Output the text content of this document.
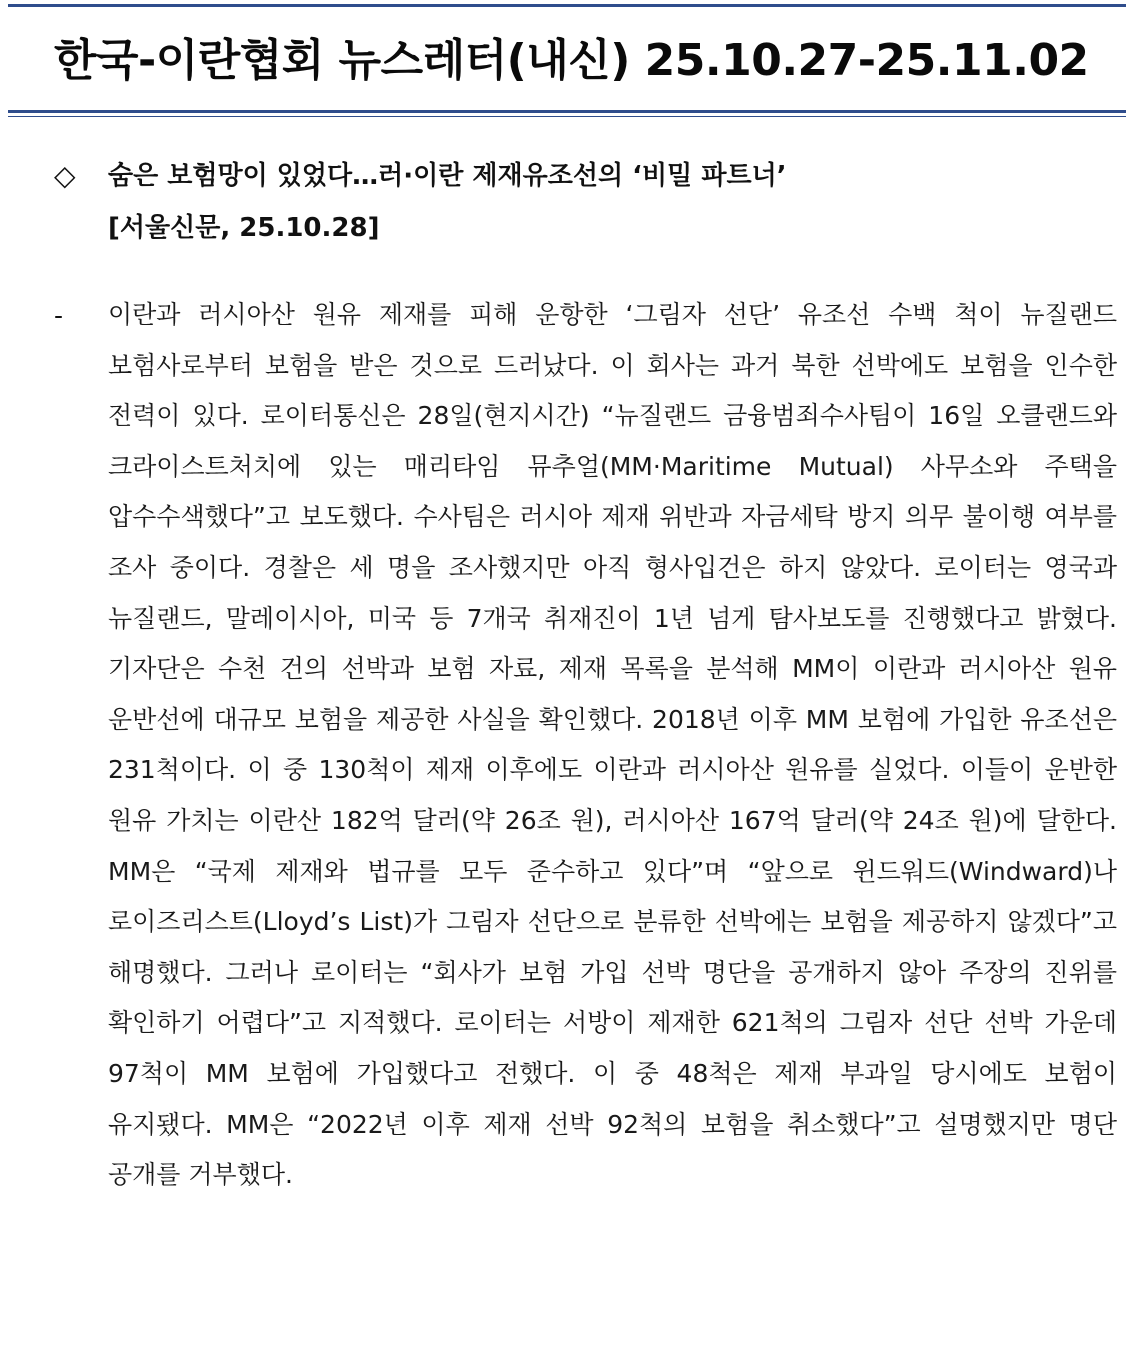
한국-이란협회 뉴스레터(내신) 25.10.27-25.11.02
◇ 숨은 보험망이 있었다…러·이란 제재유조선의 ‘비밀 파트너’
[서울신문, 25.10.28]
- 이란과 러시아산 원유 제재를 피해 운항한 ‘그림자 선단’ 유조선 수백 척이 뉴질랜드 보험사로부터 보험을 받은 것으로 드러났다. 이 회사는 과거 북한 선박에도 보험을 인수한 전력이 있다. 로이터통신은 28일(현지시간) “뉴질랜드 금융범죄수사팀이 16일 오클랜드와 크라이스트처치에 있는 매리타임 뮤추얼(MM·Maritime Mutual) 사무소와 주택을 압수수색했다”고 보도했다. 수사팀은 러시아 제재 위반과 자금세탁 방지 의무 불이행 여부를 조사 중이다. 경찰은 세 명을 조사했지만 아직 형사입건은 하지 않았다. 로이터는 영국과 뉴질랜드, 말레이시아, 미국 등 7개국 취재진이 1년 넘게 탐사보도를 진행했다고 밝혔다. 기자단은 수천 건의 선박과 보험 자료, 제재 목록을 분석해 MM이 이란과 러시아산 원유 운반선에 대규모 보험을 제공한 사실을 확인했다. 2018년 이후 MM 보험에 가입한 유조선은 231척이다. 이 중 130척이 제재 이후에도 이란과 러시아산 원유를 실었다. 이들이 운반한 원유 가치는 이란산 182억 달러(약 26조 원), 러시아산 167억 달러(약 24조 원)에 달한다. MM은 “국제 제재와 법규를 모두 준수하고 있다”며 “앞으로 윈드워드(Windward)나 로이즈리스트(Lloyd’s List)가 그림자 선단으로 분류한 선박에는 보험을 제공하지 않겠다”고 해명했다. 그러나 로이터는 “회사가 보험 가입 선박 명단을 공개하지 않아 주장의 진위를 확인하기 어렵다”고 지적했다. 로이터는 서방이 제재한 621척의 그림자 선단 선박 가운데 97척이 MM 보험에 가입했다고 전했다. 이 중 48척은 제재 부과일 당시에도 보험이 유지됐다. MM은 “2022년 이후 제재 선박 92척의 보험을 취소했다”고 설명했지만 명단 공개를 거부했다.
